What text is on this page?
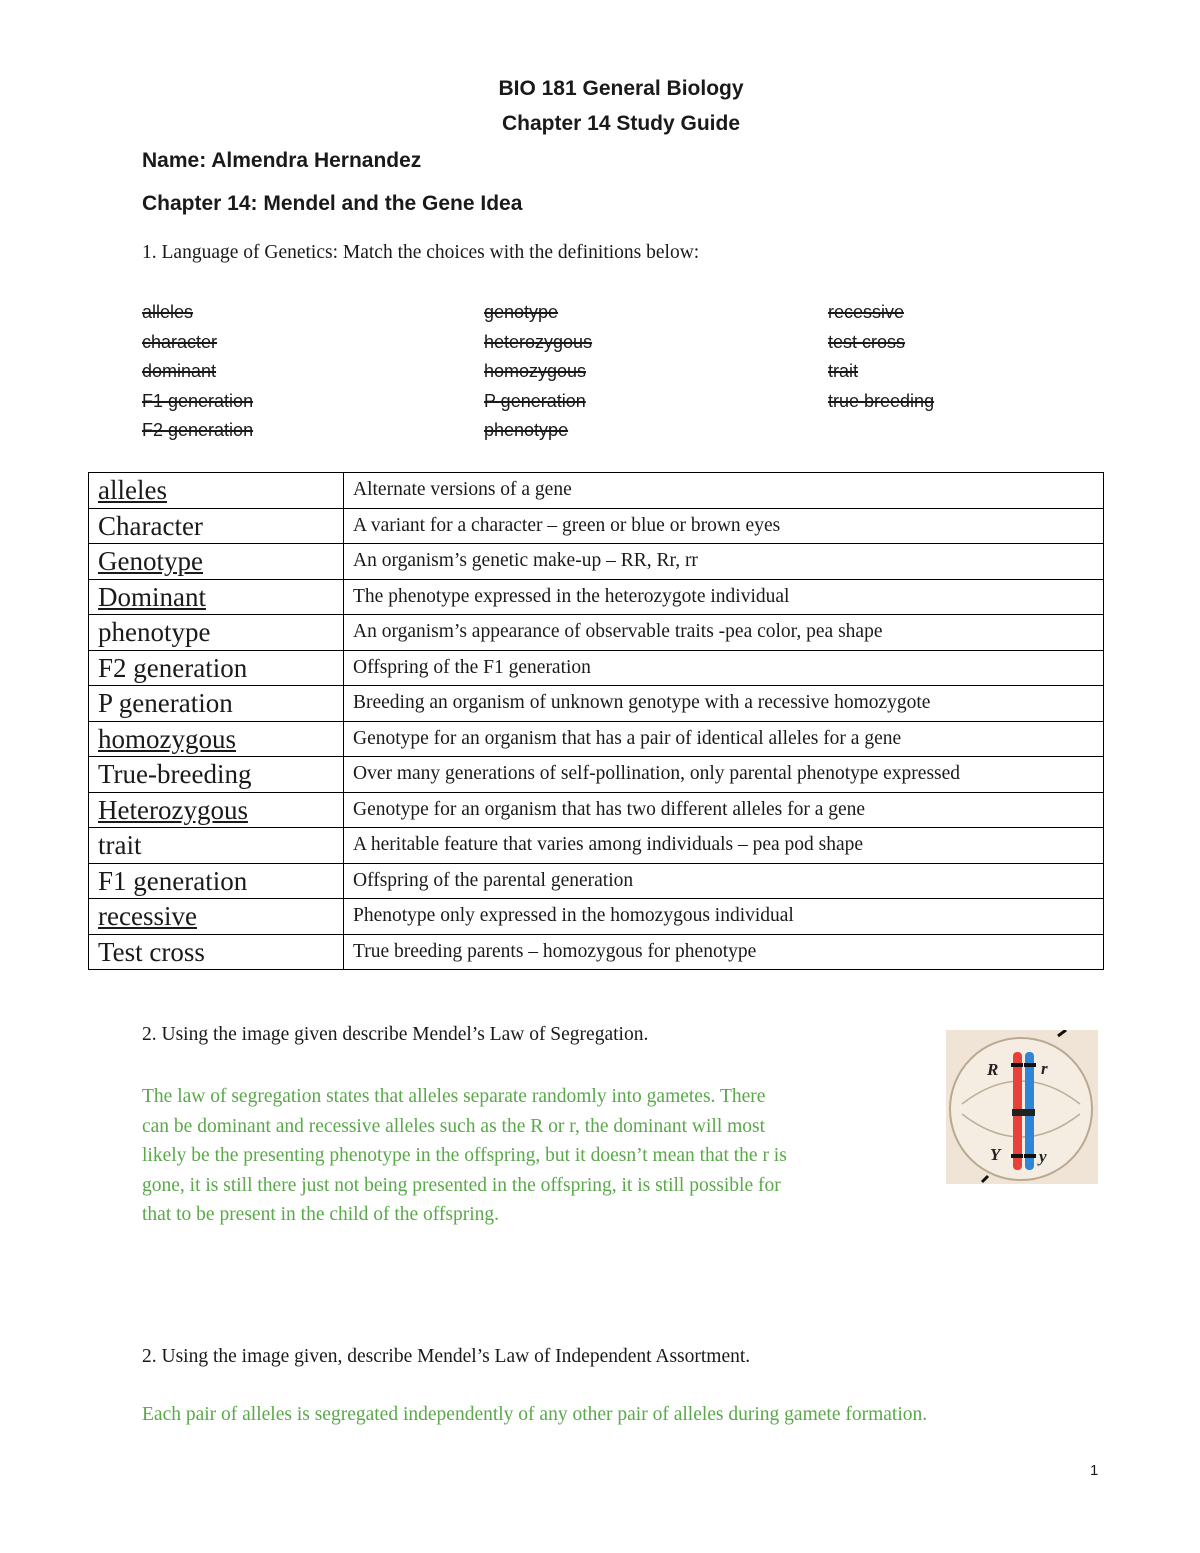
BIO 181 General Biology
Chapter 14 Study Guide
Name: Almendra Hernandez
Chapter 14: Mendel and the Gene Idea
1. Language of Genetics: Match the choices with the definitions below:
alleles
character
dominant
F1 generation
F2 generation
genotype
heterozygous
homozygous
P generation
phenotype
recessive
test cross
trait
true breeding
alleles	Alternate versions of a gene
Character	A variant for a character – green or blue or brown eyes
Genotype	An organism’s genetic make-up – RR, Rr, rr
Dominant	The phenotype expressed in the heterozygote individual
phenotype	An organism’s appearance of observable traits -pea color, pea shape
F2 generation	Offspring of the F1 generation
P generation	Breeding an organism of unknown genotype with a recessive homozygote
homozygous	Genotype for an organism that has a pair of identical alleles for a gene
True-breeding	Over many generations of self-pollination, only parental phenotype expressed
Heterozygous	Genotype for an organism that has two different alleles for a gene
trait	A heritable feature that varies among individuals – pea pod shape
F1 generation	Offspring of the parental generation
recessive	Phenotype only expressed in the homozygous individual
Test cross	True breeding parents – homozygous for phenotype
2. Using the image given describe Mendel’s Law of Segregation.
The law of segregation states that alleles separate randomly into gametes. There
can be dominant and recessive alleles such as the R or r, the dominant will most
likely be the presenting phenotype in the offspring, but it doesn’t mean that the r is
gone, it is still there just not being presented in the offspring, it is still possible for
that to be present in the child of the offspring.
R	r
Y y
2. Using the image given, describe Mendel’s Law of Independent Assortment.
Each pair of alleles is segregated independently of any other pair of alleles during gamete formation.
1
